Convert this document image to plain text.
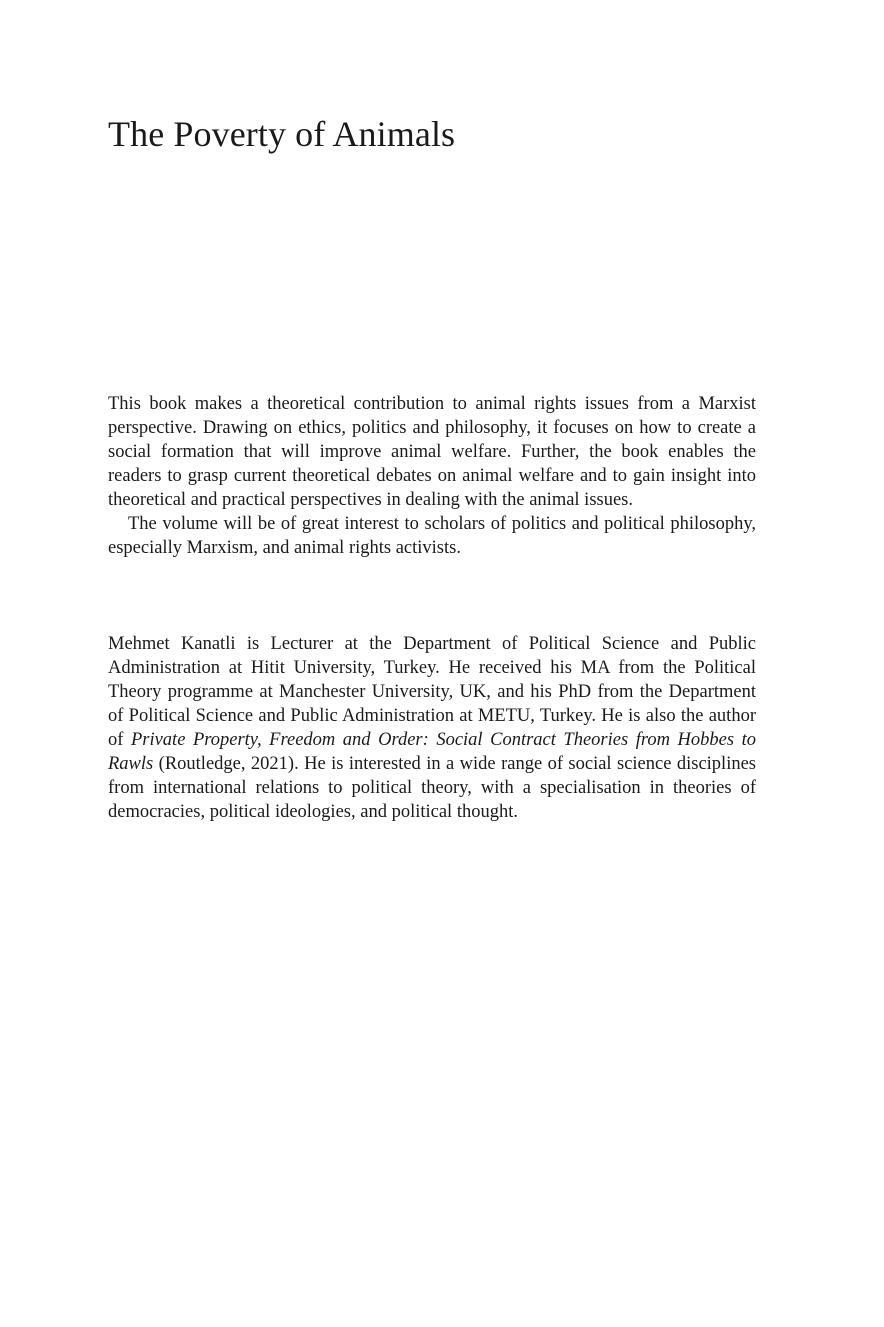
The Poverty of Animals

This book makes a theoretical contribution to animal rights issues from a Marxist perspective. Drawing on ethics, politics and philosophy, it focuses on how to create a social formation that will improve animal welfare. Further, the book enables the readers to grasp current theoretical debates on animal welfare and to gain insight into theoretical and practical perspectives in dealing with the animal issues.

The volume will be of great interest to scholars of politics and political philosophy, especially Marxism, and animal rights activists.

Mehmet Kanatli is Lecturer at the Department of Political Science and Public Administration at Hitit University, Turkey. He received his MA from the Political Theory programme at Manchester University, UK, and his PhD from the Department of Political Science and Public Administration at METU, Turkey. He is also the author of Private Property, Freedom and Order: Social Contract Theories from Hobbes to Rawls (Routledge, 2021). He is interested in a wide range of social science disciplines from international relations to political theory, with a specialisation in theories of democracies, political ideologies, and political thought.
